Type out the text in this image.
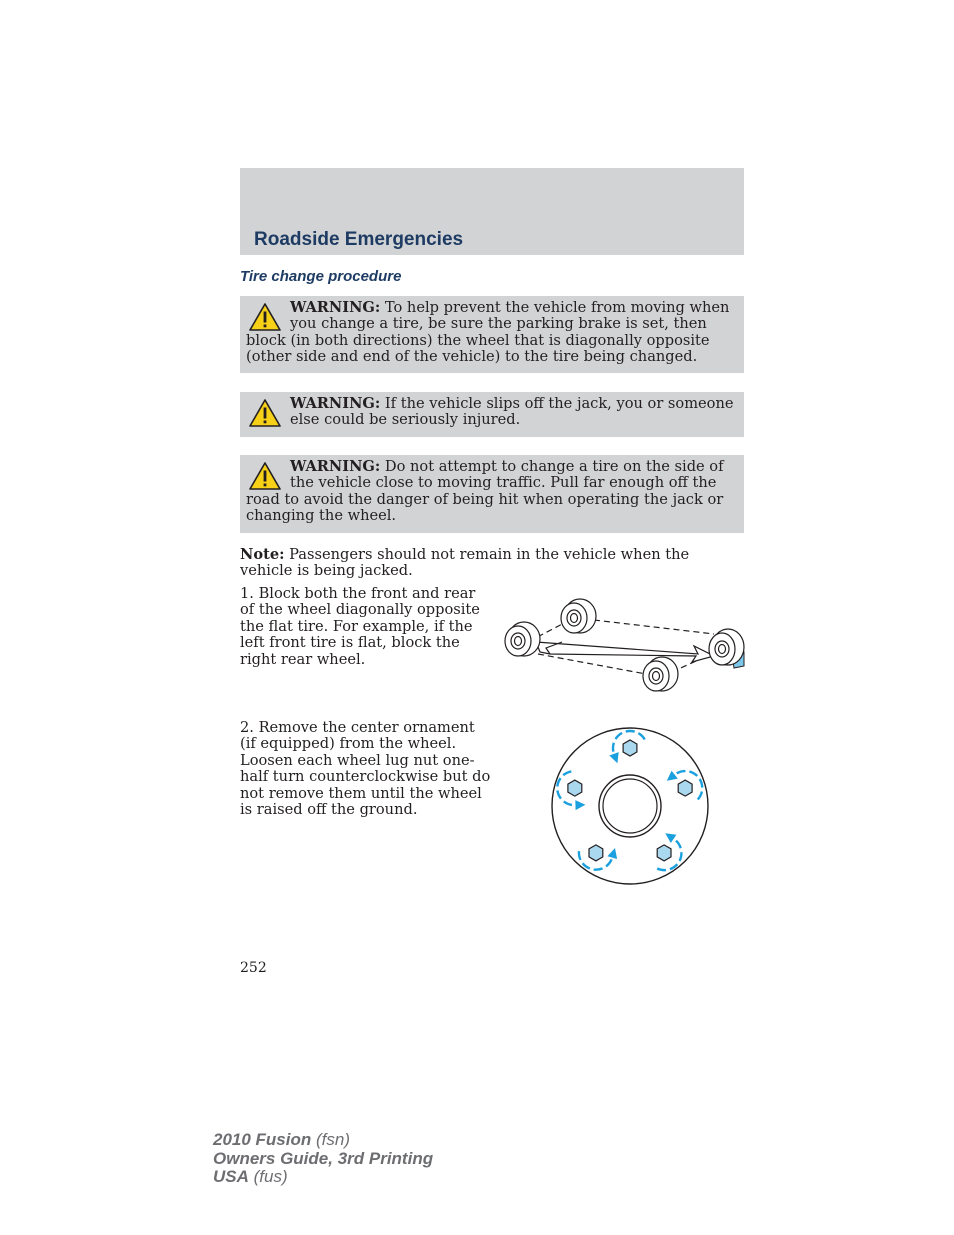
Roadside Emergencies
Tire change procedure
WARNING: To help prevent the vehicle from moving when you change a tire, be sure the parking brake is set, then block (in both directions) the wheel that is diagonally opposite (other side and end of the vehicle) to the tire being changed.
WARNING: If the vehicle slips off the jack, you or someone else could be seriously injured.
WARNING: Do not attempt to change a tire on the side of the vehicle close to moving traffic. Pull far enough off the road to avoid the danger of being hit when operating the jack or changing the wheel.
Note: Passengers should not remain in the vehicle when the vehicle is being jacked.
1. Block both the front and rear of the wheel diagonally opposite the flat tire. For example, if the left front tire is flat, block the right rear wheel.
2. Remove the center ornament (if equipped) from the wheel. Loosen each wheel lug nut one-half turn counterclockwise but do not remove them until the wheel is raised off the ground.
252
2010 Fusion (fsn)
Owners Guide, 3rd Printing
USA (fus)
